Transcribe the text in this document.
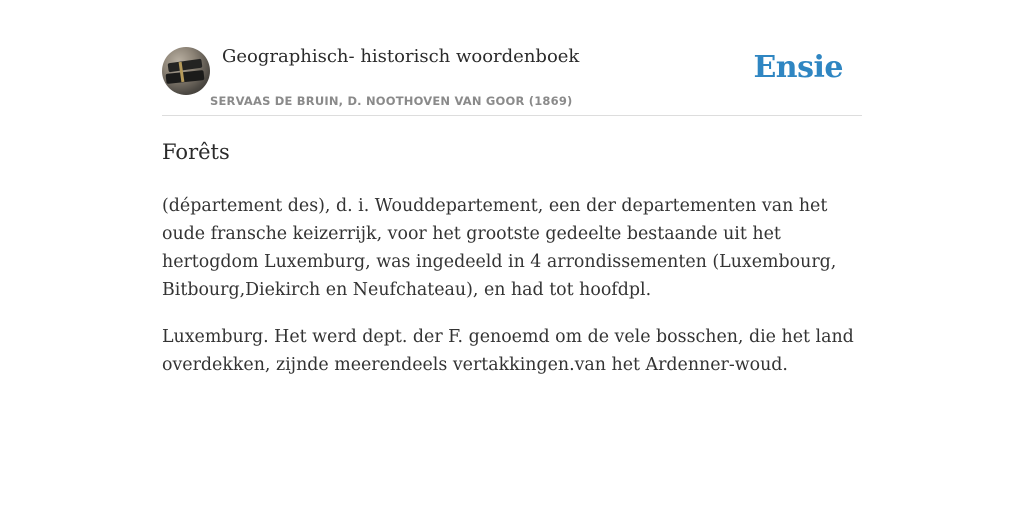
Geographisch- historisch woordenboek
SERVAAS DE BRUIN, D. NOOTHOVEN VAN GOOR (1869)
Ensie
Forêts

(département des), d. i. Wouddepartement, een der departementen van het oude fransche keizerrijk, voor het grootste gedeelte bestaande uit het hertogdom Luxemburg, was ingedeeld in 4 arrondissementen (Luxembourg, Bitbourg,Diekirch en Neufchateau), en had tot hoofdpl.

Luxemburg. Het werd dept. der F. genoemd om de vele bosschen, die het land overdekken, zijnde meerendeels vertakkingen.van het Ardenner-woud.
